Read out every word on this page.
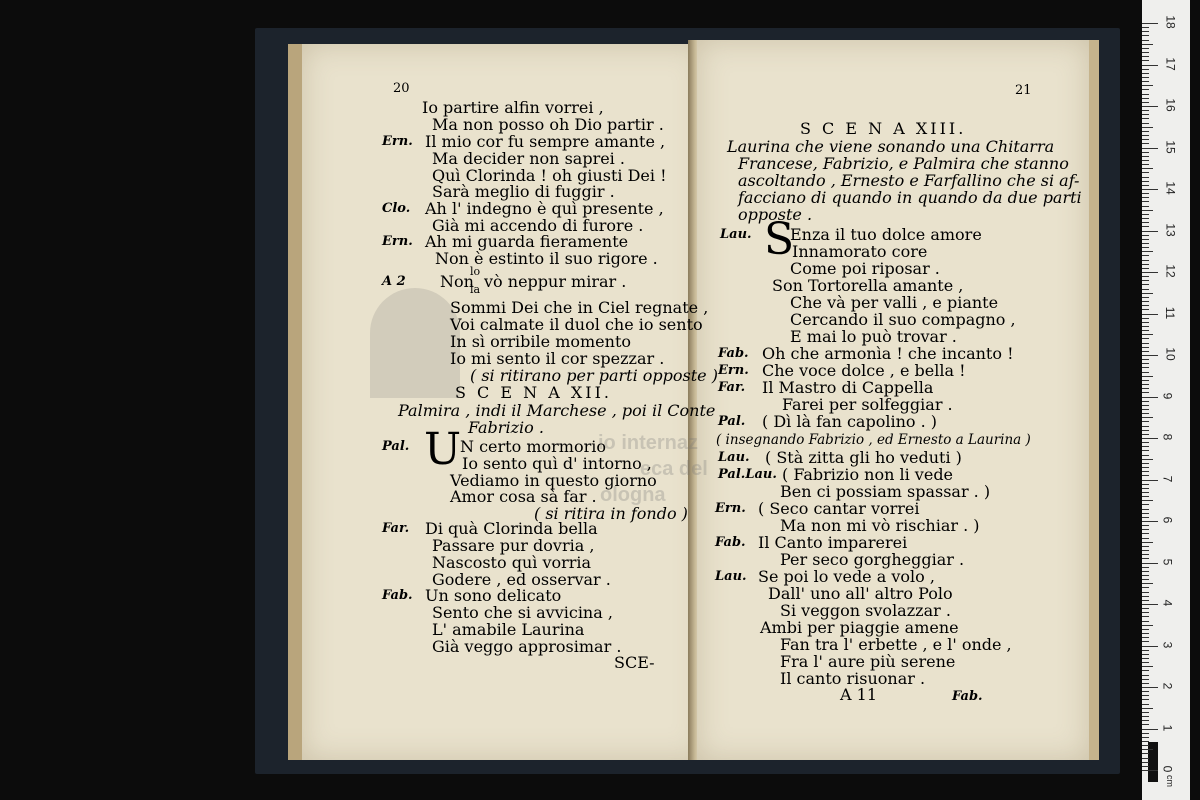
io internaz
eca del
ologna
20
Io partire alfin vorrei ,
Ma non posso oh Dio partir .
Ern. Il mio cor fu sempre amante ,
Ma decider non saprei .
Quì Clorinda ! oh giusti Dei !
Sarà meglio di fuggir .
Clo. Ah l' indegno è quì presente ,
Già mi accendo di furore .
Ern. Ah mi guarda fieramente
Non è estinto il suo rigore .
A 2 Non
lo
la vò neppur mirar .
Sommi Dei che in Ciel regnate ,
Voi calmate il duol che io sento
In sì orribile momento
Io mi sento il cor spezzar .
( si ritirano per parti opposte )
S C E N A XII.
Palmira , indi il Marchese , poi il Conte
Fabrizio .
Pal. U
N certo mormorio
Io sento quì d' intorno ,
Vediamo in questo giorno
Amor cosa sà far .
( si ritira in fondo )
Far. Di quà Clorinda bella
Passare pur dovria ,
Nascosto quì vorria
Godere , ed osservar .
Fab. Un sono delicato
Sento che si avvicina ,
L' amabile Laurina
Già veggo approsimar .
SCE-
21
S C E N A XIII.
Laurina che viene sonando una Chitarra
Francese, Fabrizio, e Palmira che stanno
ascoltando , Ernesto e Farfallino che si af-
facciano di quando in quando da due parti
opposte .
Lau. S
Enza il tuo dolce amore
Innamorato core
Come poi riposar .
Son Tortorella amante ,
Che và per valli , e piante
Cercando il suo compagno ,
E mai lo può trovar .
Fab. Oh che armonìa ! che incanto !
Ern. Che voce dolce , e bella !
Far. Il Mastro di Cappella
Farei per solfeggiar .
Pal. ( Dì là fan capolino . )
( insegnando Fabrizio , ed Ernesto a Laurina )
Lau. ( Stà zitta gli ho veduti )
Pal.Lau. ( Fabrizio non li vede
Ben ci possiam spassar . )
Ern. ( Seco cantar vorrei
Ma non mi vò rischiar . )
Fab. Il Canto imparerei
Per seco gorgheggiar .
Lau. Se poi lo vede a volo ,
Dall' uno all' altro Polo
Si veggon svolazzar .
Ambi per piaggie amene
Fan tra l' erbette , e l' onde ,
Fra l' aure più serene
Il canto risuonar .
A 11	Fab.
0
1
2
3
4
5
6
7
8
9
10
11
12
13
14
15
16
17
18
cm
